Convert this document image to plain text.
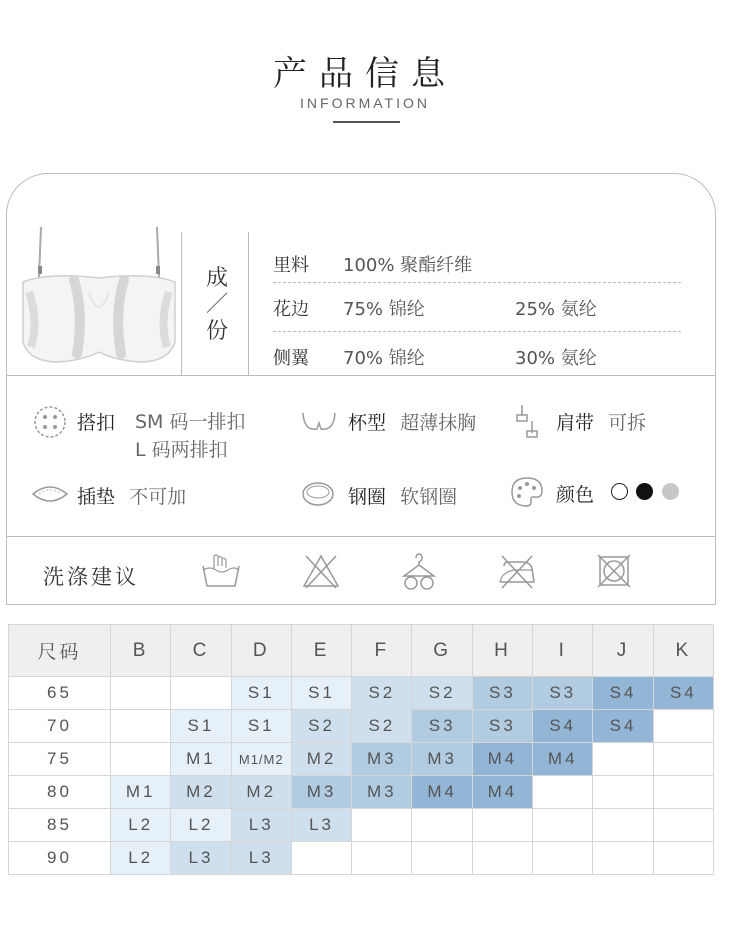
产品信息
INFORMATION
成
／
份
里料 100% 聚酯纤维
花边 75% 锦纶	25% 氨纶
侧翼 70% 锦纶	30% 氨纶
搭扣 SM 码一排扣
L 码两排扣
杯型 超薄抹胸	肩带 可拆
插垫 不可加	钢圈 软钢圈	颜色
洗涤建议
尺码	B	C	D	E	F	G	H	I	J	K
65			S1	S1	S2	S2	S3	S3	S4	S4
70		S1	S1	S2	S2	S3	S3	S4	S4	
75		M1	M1/M2	M2	M3	M3	M4	M4		
80	M1	M2	M2	M3	M3	M4	M4			
85	L2	L2	L3	L3						
90	L2	L3	L3							
